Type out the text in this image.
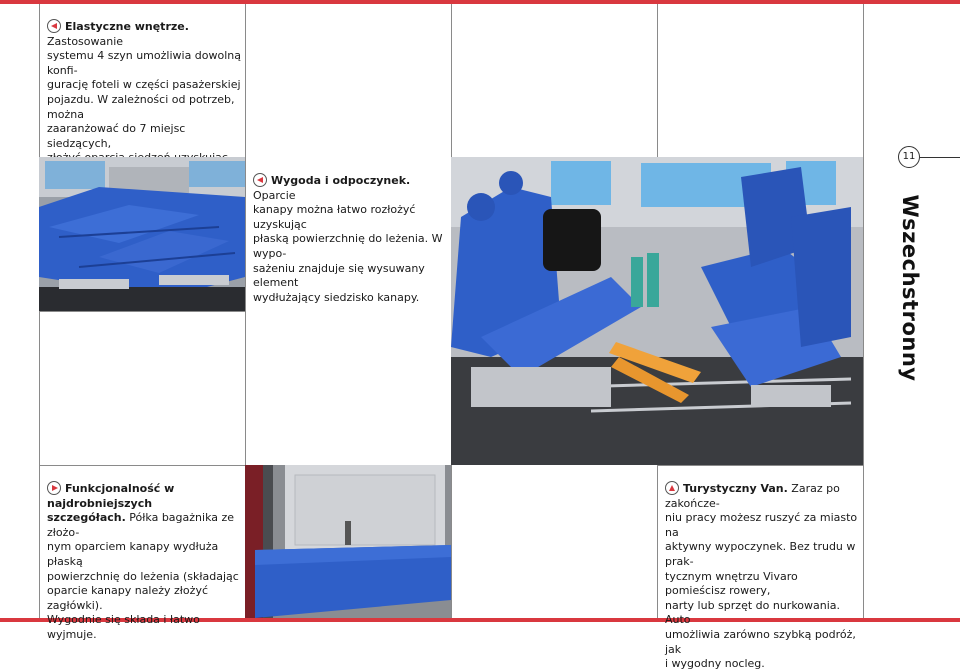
Elastyczne wnętrze. Zastosowanie
systemu 4 szyn umożliwia dowolną konfi-
gurację foteli w części pasażerskiej
pojazdu. W zależności od potrzeb, można
zaaranżować do 7 miejsc siedzących,

Wygoda i odpoczynek. Oparcie
kanapy można łatwo rozłożyć uzyskując
płaską powierzchnię do leżenia. W wypo-
sażeniu znajduje się wysuwany element
wydłużający siedzisko kanapy.
11
Wszechstronny
Funkcjonalność w najdrobniejszych
szczegółach. Półka bagażnika ze złożo-
nym oparciem kanapy wydłuża płaską
powierzchnię do leżenia (składając
oparcie kanapy należy złożyć zagłówki).
Wygodnie się składa i łatwo wyjmuje.
Turystyczny Van. Zaraz po zakończe-
niu pracy możesz ruszyć za miasto na
aktywny wypoczynek. Bez trudu w prak-
tycznym wnętrzu Vivaro pomieścisz rowery,
narty lub sprzęt do nurkowania. Auto
umożliwia zarówno szybką podróż, jak
i wygodny nocleg.
